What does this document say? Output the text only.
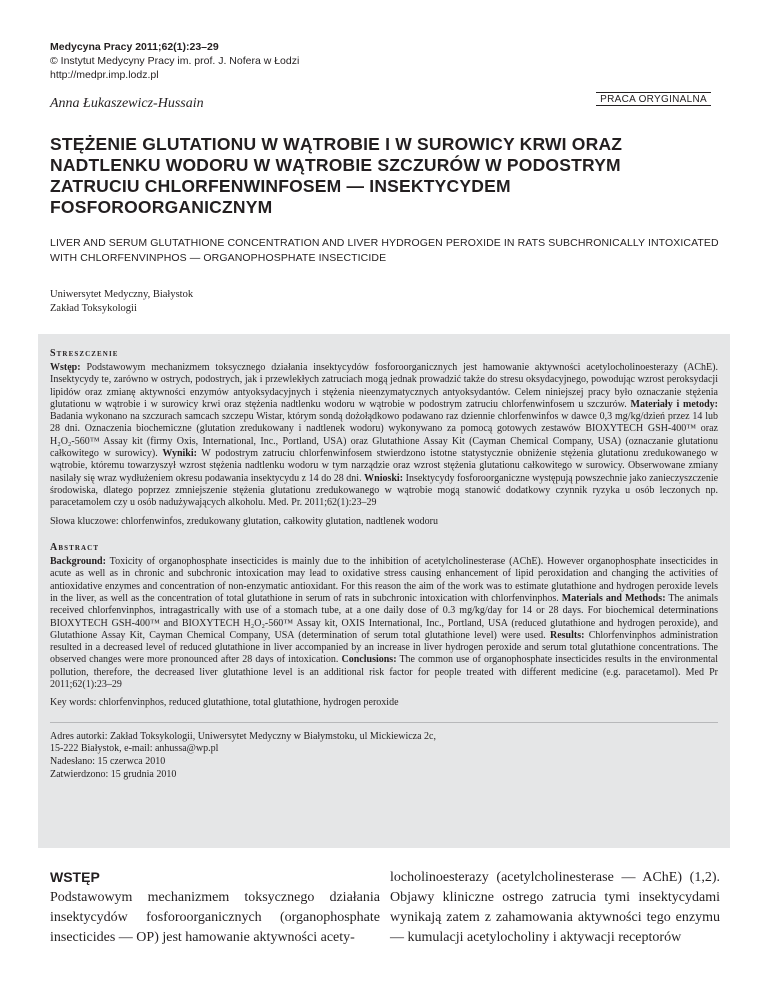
Medycyna Pracy 2011;62(1):23–29
© Instytut Medycyny Pracy im. prof. J. Nofera w Łodzi
http://medpr.imp.lodz.pl
PRACA ORYGINALNA
Anna Łukaszewicz-Hussain
STĘŻENIE GLUTATIONU W WĄTROBIE I W SUROWICY KRWI ORAZ NADTLENKU WODORU W WĄTROBIE SZCZURÓW W PODOSTRYM ZATRUCIU CHLORFENWINFOSEM — INSEKTYCYDEM FOSFOROORGANICZNYM
LIVER AND SERUM GLUTATHIONE CONCENTRATION AND LIVER HYDROGEN PEROXIDE IN RATS SUBCHRONICALLY INTOXICATED WITH CHLORFENVINPHOS — ORGANOPHOSPHATE INSECTICIDE
Uniwersytet Medyczny, Białystok
Zakład Toksykologii
Streszczenie
Wstęp: Podstawowym mechanizmem toksycznego działania insektycydów fosforoorganicznych jest hamowanie aktywności acetylocholinoesterazy (AChE). Insektycydy te, zarówno w ostrych, podostrych, jak i przewlekłych zatruciach mogą jednak prowadzić także do stresu oksydacyjnego, powodując wzrost peroksydacji lipidów oraz zmianę aktywności enzymów antyoksydacyjnych i stężenia nieenzymatycznych antyoksydantów. Celem niniejszej pracy było oznaczanie stężenia glutationu w wątrobie i w surowicy krwi oraz stężenia nadtlenku wodoru w wątrobie w podostrym zatruciu chlorfenwinfosem u szczurów. Materiały i metody: Badania wykonano na szczurach samcach szczepu Wistar, którym sondą dożołądkowo podawano raz dziennie chlorfenwinfos w dawce 0,3 mg/kg/dzień przez 14 lub 28 dni. Oznaczenia biochemiczne (glutation zredukowany i nadtlenek wodoru) wykonywano za pomocą gotowych zestawów BIOXYTECH GSH-400™ oraz H₂O₂-560™ Assay kit (firmy Oxis, International, Inc., Portland, USA) oraz Glutathione Assay Kit (Cayman Chemical Company, USA) (oznaczanie glutationu całkowitego w surowicy). Wyniki: W podostrym zatruciu chlorfenwinfosem stwierdzono istotne statystycznie obniżenie stężenia glutationu zredukowanego w wątrobie, któremu towarzyszył wzrost stężenia nadtlenku wodoru w tym narządzie oraz wzrost stężenia glutationu całkowitego w surowicy. Obserwowane zmiany nasilały się wraz wydłużeniem okresu podawania insektycydu z 14 do 28 dni. Wnioski: Insektycydy fosforoorganiczne występują powszechnie jako zanieczyszczenie środowiska, dlatego poprzez zmniejszenie stężenia glutationu zredukowanego w wątrobie mogą stanowić dodatkowy czynnik ryzyka u osób leczonych np. paracetamolem czy u osób nadużywających alkoholu. Med. Pr. 2011;62(1):23–29
Słowa kluczowe: chlorfenwinfos, zredukowany glutation, całkowity glutation, nadtlenek wodoru
Abstract
Background: Toxicity of organophosphate insecticides is mainly due to the inhibition of acetylcholinesterase (AChE). However organophosphate insecticides in acute as well as in chronic and subchronic intoxication may lead to oxidative stress causing enhancement of lipid peroxidation and changing the activities of antioxidative enzymes and concentration of non-enzymatic antioxidant. For this reason the aim of the work was to estimate glutathione and hydrogen peroxide levels in the liver, as well as the concentration of total glutathione in serum of rats in subchronic intoxication with chlorfenvinphos. Materials and Methods: The animals received chlorfenvinphos, intragastrically with use of a stomach tube, at a one daily dose of 0.3 mg/kg/day for 14 or 28 days. For biochemical determinations BIOXYTECH GSH-400™ and BIOXYTECH H₂O₂-560™ Assay kit, OXIS International, Inc., Portland, USA (reduced glutathione and hydrogen peroxide), and Glutathione Assay Kit, Cayman Chemical Company, USA (determination of serum total glutathione level) were used. Results: Chlorfenvinphos administration resulted in a decreased level of reduced glutathione in liver accompanied by an increase in liver hydrogen peroxide and serum total glutathione concentrations. The observed changes were more pronounced after 28 days of intoxication. Conclusions: The common use of organophosphate insecticides results in the environmental pollution, therefore, the decreased liver glutathione level is an additional risk factor for people treated with different medicine (e.g. paracetamol). Med Pr 2011;62(1):23–29
Key words: chlorfenvinphos, reduced glutathione, total glutathione, hydrogen peroxide
Adres autorki: Zakład Toksykologii, Uniwersytet Medyczny w Białymstoku, ul Mickiewicza 2c,
15-222 Białystok, e-mail: anhussa@wp.pl
Nadesłano: 15 czerwca 2010
Zatwierdzono: 15 grudnia 2010
WSTĘP
Podstawowym mechanizmem toksycznego działania insektycydów fosforoorganicznych (organophosphate insecticides — OP) jest hamowanie aktywności acety-
locholinoesterazy (acetylcholinesterase — AChE) (1,2). Objawy kliniczne ostrego zatrucia tymi insektycydami wynikają zatem z zahamowania aktywności tego enzymu — kumulacji acetylocholiny i aktywacji receptorów
